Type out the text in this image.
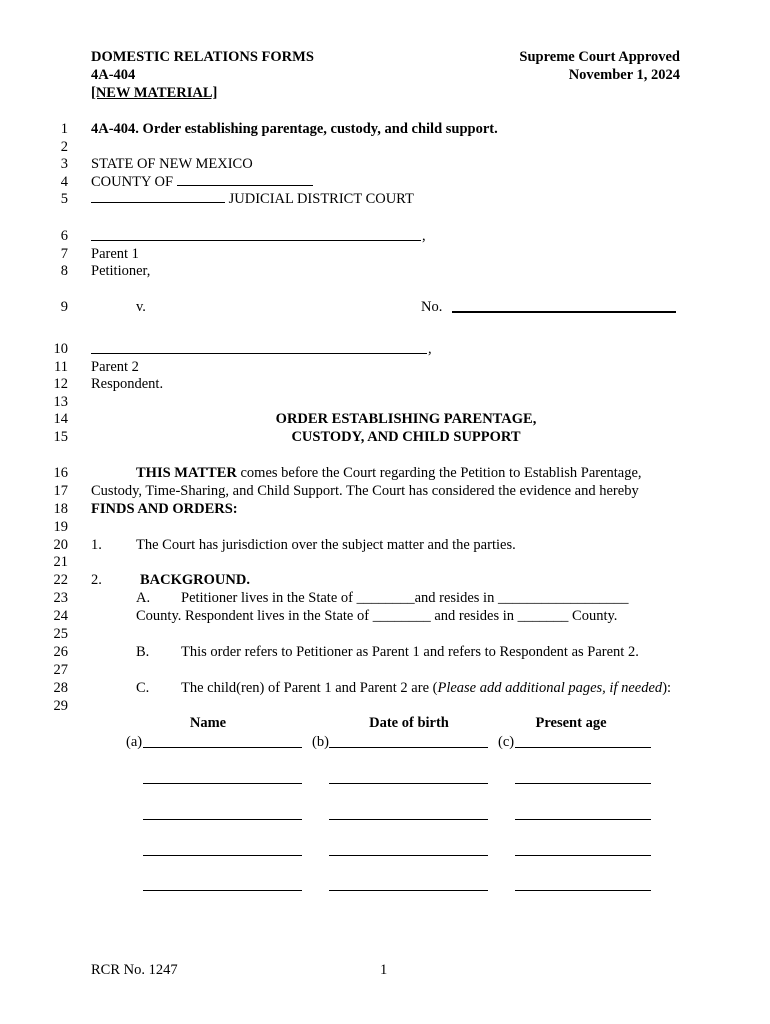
DOMESTIC RELATIONS FORMS
4A-404
[NEW MATERIAL]
Supreme Court Approved
November 1, 2024
1
2
3
4
5
6
7
8
9
10
11
12
13
14
15
16
17
18
19
20
21
22
23
24
25
26
27
28
29
4A-404. Order establishing parentage, custody, and child support.
STATE OF NEW MEXICO
COUNTY OF
JUDICIAL DISTRICT COURT
,
Parent 1
Petitioner,
v.	No.
,
Parent 2
Respondent.
ORDER ESTABLISHING PARENTAGE,
CUSTODY, AND CHILD SUPPORT
THIS MATTER comes before the Court regarding the Petition to Establish Parentage,
Custody, Time-Sharing, and Child Support. The Court has considered the evidence and hereby
FINDS AND ORDERS:
1. The Court has jurisdiction over the subject matter and the parties.
2.	BACKGROUND.
A. Petitioner lives in the State of ________and resides in __________________
County. Respondent lives in the State of ________ and resides in _______ County.
B. This order refers to Petitioner as Parent 1 and refers to Respondent as Parent 2.
C. The child(ren) of Parent 1 and Parent 2 are (Please add additional pages, if needed):
Name	Date of birth	Present age
(a)	(b)	(c)
RCR No. 1247	1
